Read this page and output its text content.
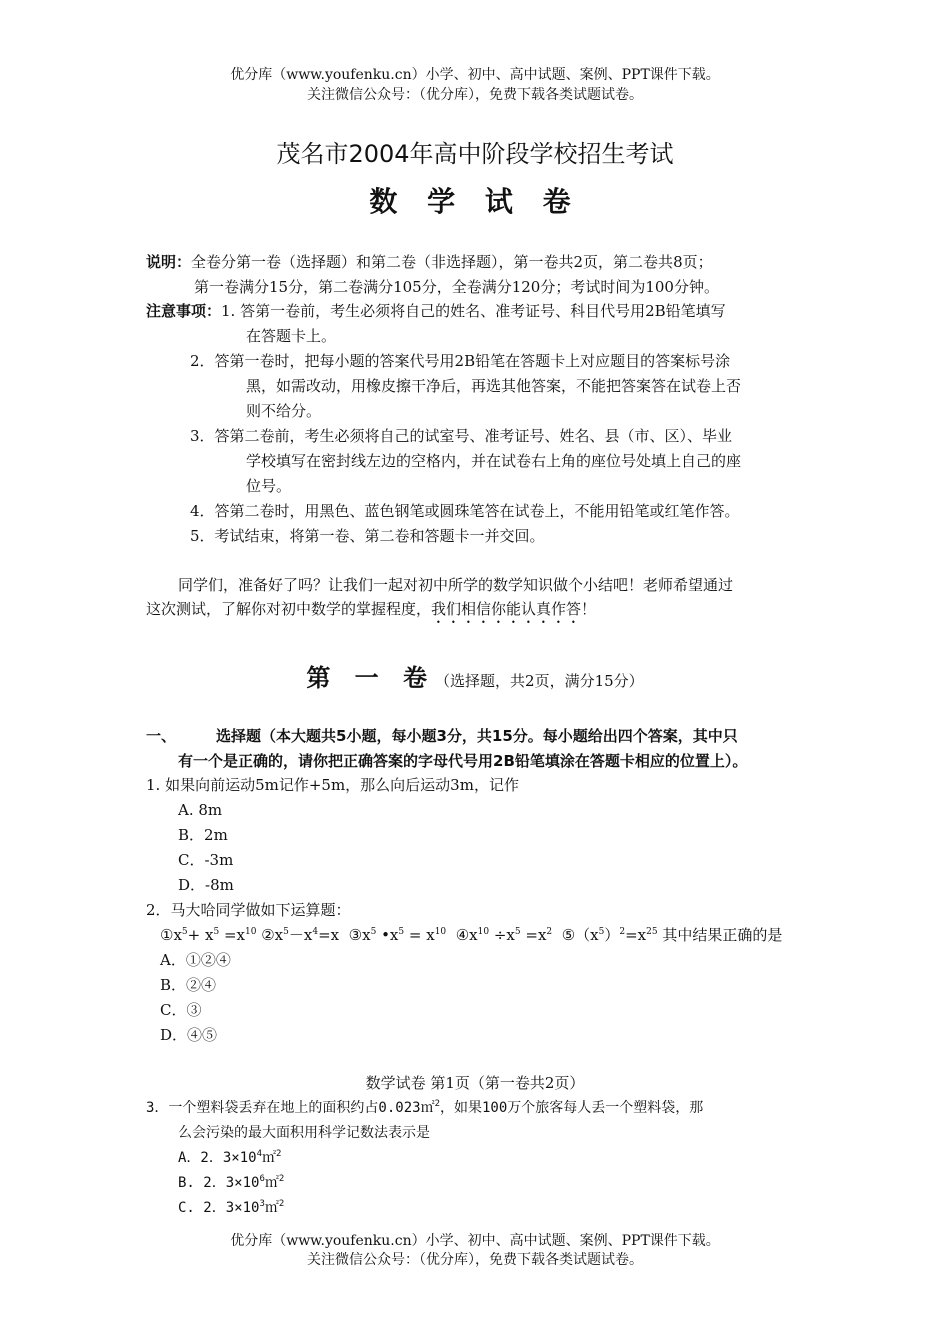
优分库（www.youfenku.cn）小学、初中、高中试题、案例、PPT课件下载。
关注微信公众号：（优分库），免费下载各类试题试卷。
茂名市2004年高中阶段学校招生考试
数 学 试 卷
说明：全卷分第一卷（选择题）和第二卷（非选择题），第一卷共2页，第二卷共8页；
第一卷满分15分，第二卷满分105分，全卷满分120分；考试时间为100分钟。
注意事项：1. 答第一卷前，考生必须将自己的姓名、准考证号、科目代号用2B铅笔填写
在答题卡上。
2．答第一卷时，把每小题的答案代号用2B铅笔在答题卡上对应题目的答案标号涂
黑，如需改动，用橡皮擦干净后，再选其他答案，不能把答案答在试卷上否
则不给分。
3．答第二卷前，考生必须将自己的试室号、准考证号、姓名、县（市、区）、毕业
学校填写在密封线左边的空格内，并在试卷右上角的座位号处填上自己的座
位号。
4．答第二卷时，用黑色、蓝色钢笔或圆珠笔答在试卷上，不能用铅笔或红笔作答。
5．考试结束，将第一卷、第二卷和答题卡一并交回。
同学们，准备好了吗？让我们一起对初中所学的数学知识做个小结吧！老师希望通过
这次测试，了解你对初中数学的掌握程度，我们相信你能认真作答！
第 一 卷（选择题，共2页，满分15分）
一、	选择题（本大题共5小题，每小题3分，共15分。每小题给出四个答案，其中只
有一个是正确的，请你把正确答案的字母代号用2B铅笔填涂在答题卡相应的位置上）。
1. 如果向前运动5m记作+5m，那么向后运动3m，记作
A. 8m
B．2m
C．-3m
D．-8m
2．马大哈同学做如下运算题：
$①x^5+ x^5 =x^{10}$ $②x^5-x^4=x$ $③x^5$ $•x^5 = x^{10}$ $④x^{10} \div x^5 =x^2$ $⑤(x^5)^2=x^{25}$ 其中结果正确的是
A．①②④
B．②④
C．③
D．④⑤
数学试卷 第1页（第一卷共2页）
3．一个塑料袋丢弃在地上的面积约占0.023㎡$^2$，如果100万个旅客每人丢一个塑料袋，那
么会污染的最大面积用科学记数法表示是
A．2．$3\times 10^4㎡^2$
B. 2．$3\times 10^6㎡^2$
C. 2．$3\times 10^3㎡^2$
优分库（www.youfenku.cn）小学、初中、高中试题、案例、PPT课件下载。
关注微信公众号：（优分库），免费下载各类试题试卷。
